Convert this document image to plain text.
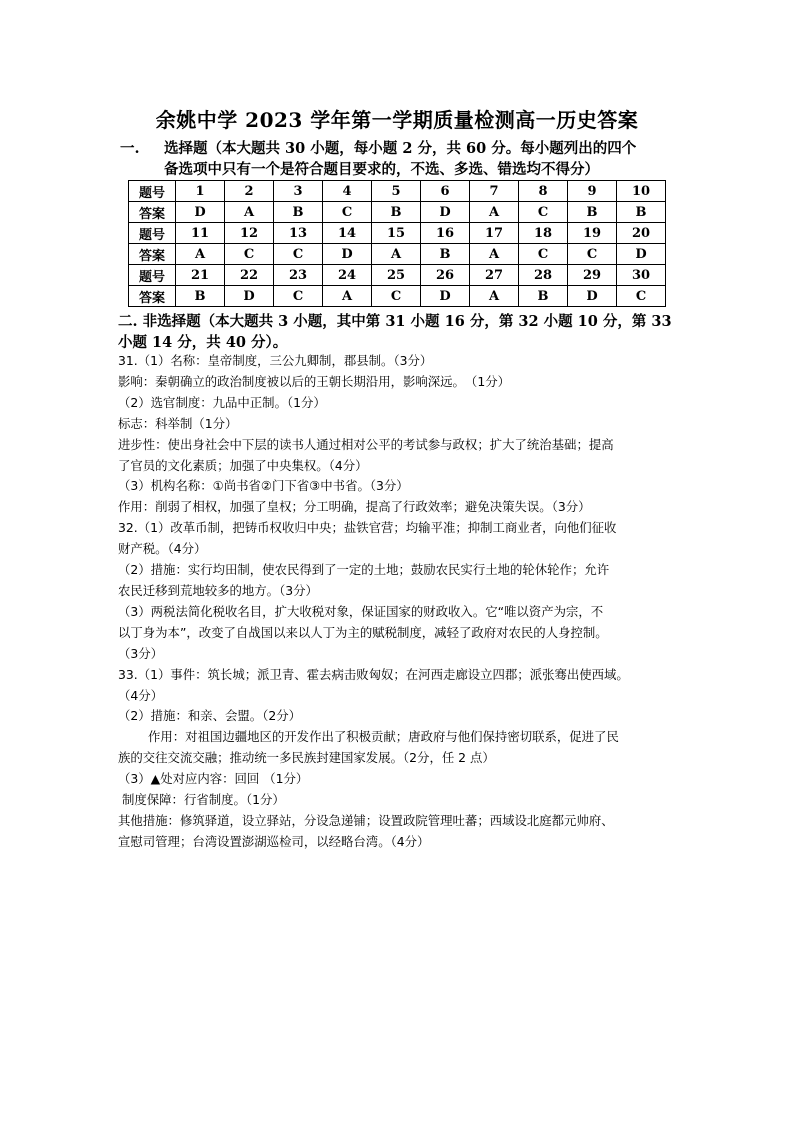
余姚中学 2023 学年第一学期质量检测高一历史答案
一. 选择题（本大题共 30 小题，每小题 2 分，共 60 分。每小题列出的四个
备选项中只有一个是符合题目要求的，不选、多选、错选均不得分）
题号	1	2	3	4	5	6	7	8	9	10
答案	D	A	B	C	B	D	A	C	B	B
题号	11	12	13	14	15	16	17	18	19	20
答案	A	C	C	D	A	B	A	C	C	D
题号	21	22	23	24	25	26	27	28	29	30
答案	B	D	C	A	C	D	A	B	D	C
二. 非选择题（本大题共 3 小题，其中第 31 小题 16 分，第 32 小题 10 分，第 33
小题 14 分，共 40 分）。

31.（1）名称：皇帝制度，三公九卿制，郡县制。（3分）

影响：秦朝确立的政治制度被以后的王朝长期沿用，影响深远。　（1分）

（2）选官制度：九品中正制。（1分）

标志：科举制（1分）

进步性：使出身社会中下层的读书人通过相对公平的考试参与政权；扩大了统治基础；提高

了官员的文化素质；加强了中央集权。（4分）

（3）机构名称：①尚书省②门下省③中书省。（3分）

作用：削弱了相权，加强了皇权；分工明确，提高了行政效率；避免决策失误。（3分）

32.（1）改革币制，把铸币权收归中央；盐铁官营；均输平准；抑制工商业者，向他们征收

财产税。（4分）

（2）措施：实行均田制，使农民得到了一定的土地；鼓励农民实行土地的轮休轮作；允许

农民迁移到荒地较多的地方。（3分）

（3）两税法简化税收名目，扩大收税对象，保证国家的财政收入。它“唯以资产为宗，不

以丁身为本”，改变了自战国以来以人丁为主的赋税制度，减轻了政府对农民的人身控制。

（3分）

33.（1）事件：筑长城；派卫青、霍去病击败匈奴；在河西走廊设立四郡；派张骞出使西域。

（4分）

（2）措施：和亲、会盟。（2分）

作用：对祖国边疆地区的开发作出了积极贡献；唐政府与他们保持密切联系，促进了民

族的交往交流交融；推动统一多民族封建国家发展。（2分，任 2 点）

（3）▲处对应内容：回回 （1分）

制度保障：行省制度。（1分）

其他措施：修筑驿道，设立驿站，分设急递铺；设置政院管理吐蕃；西域设北庭都元帅府、

宣慰司管理；台湾设置澎湖巡检司，以经略台湾。（4分）
